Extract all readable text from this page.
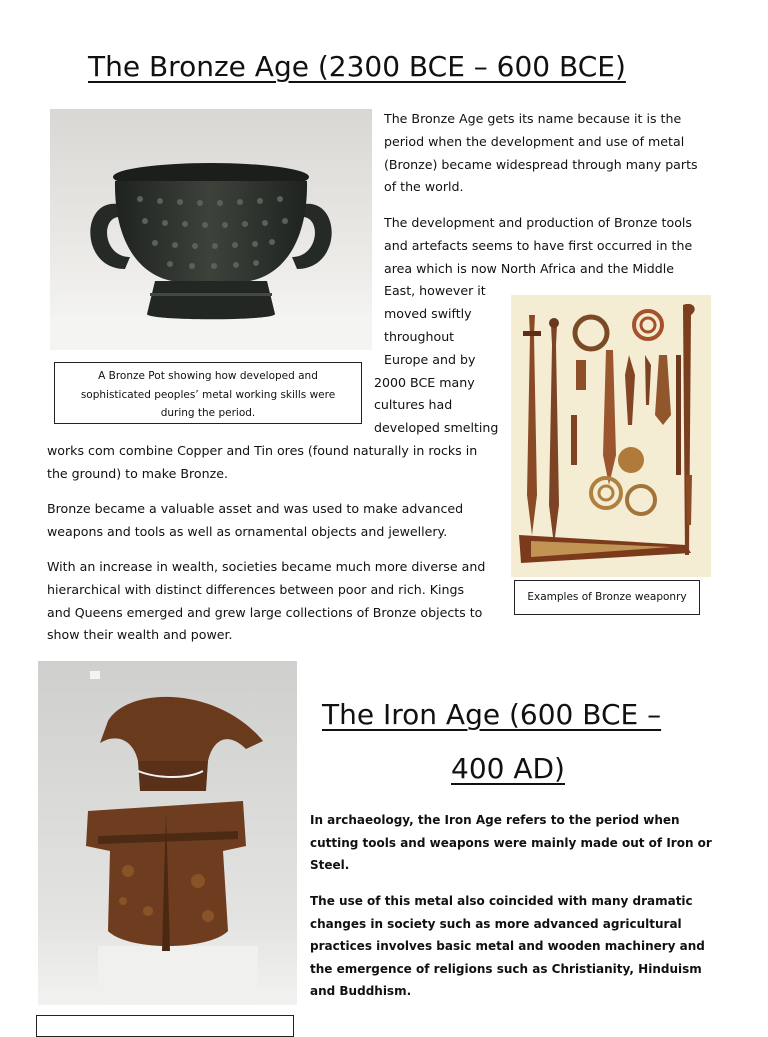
The Bronze Age (2300 BCE – 600 BCE)
A Bronze Pot showing how developed and
sophisticated peoples’ metal working skills were
during the period.
The Bronze Age gets its name because it is the
period when the development and use of metal
(Bronze) became widespread through many parts
of the world.
The development and production of Bronze tools
and artefacts seems to have first occurred in the
area which is now North Africa and the Middle
East, however it
moved swiftly
throughout
Europe and by
2000 BCE many
cultures had
developed smelting
works com combine Copper and Tin ores (found naturally in rocks in
the ground) to make Bronze.
Bronze became a valuable asset and was used to make advanced
weapons and tools as well as ornamental objects and jewellery.
With an increase in wealth, societies became much more diverse and
hierarchical with distinct differences between poor and rich. Kings
and Queens emerged and grew large collections of Bronze objects to
show their wealth and power.
Examples of Bronze weaponry
The Iron Age (600 BCE –
400 AD)
In archaeology, the Iron Age refers to the period when
cutting tools and weapons were mainly made out of Iron or
Steel.
The use of this metal also coincided with many dramatic
changes in society such as more advanced agricultural
practices involves basic metal and wooden machinery and
the emergence of religions such as Christianity, Hinduism
and Buddhism.
